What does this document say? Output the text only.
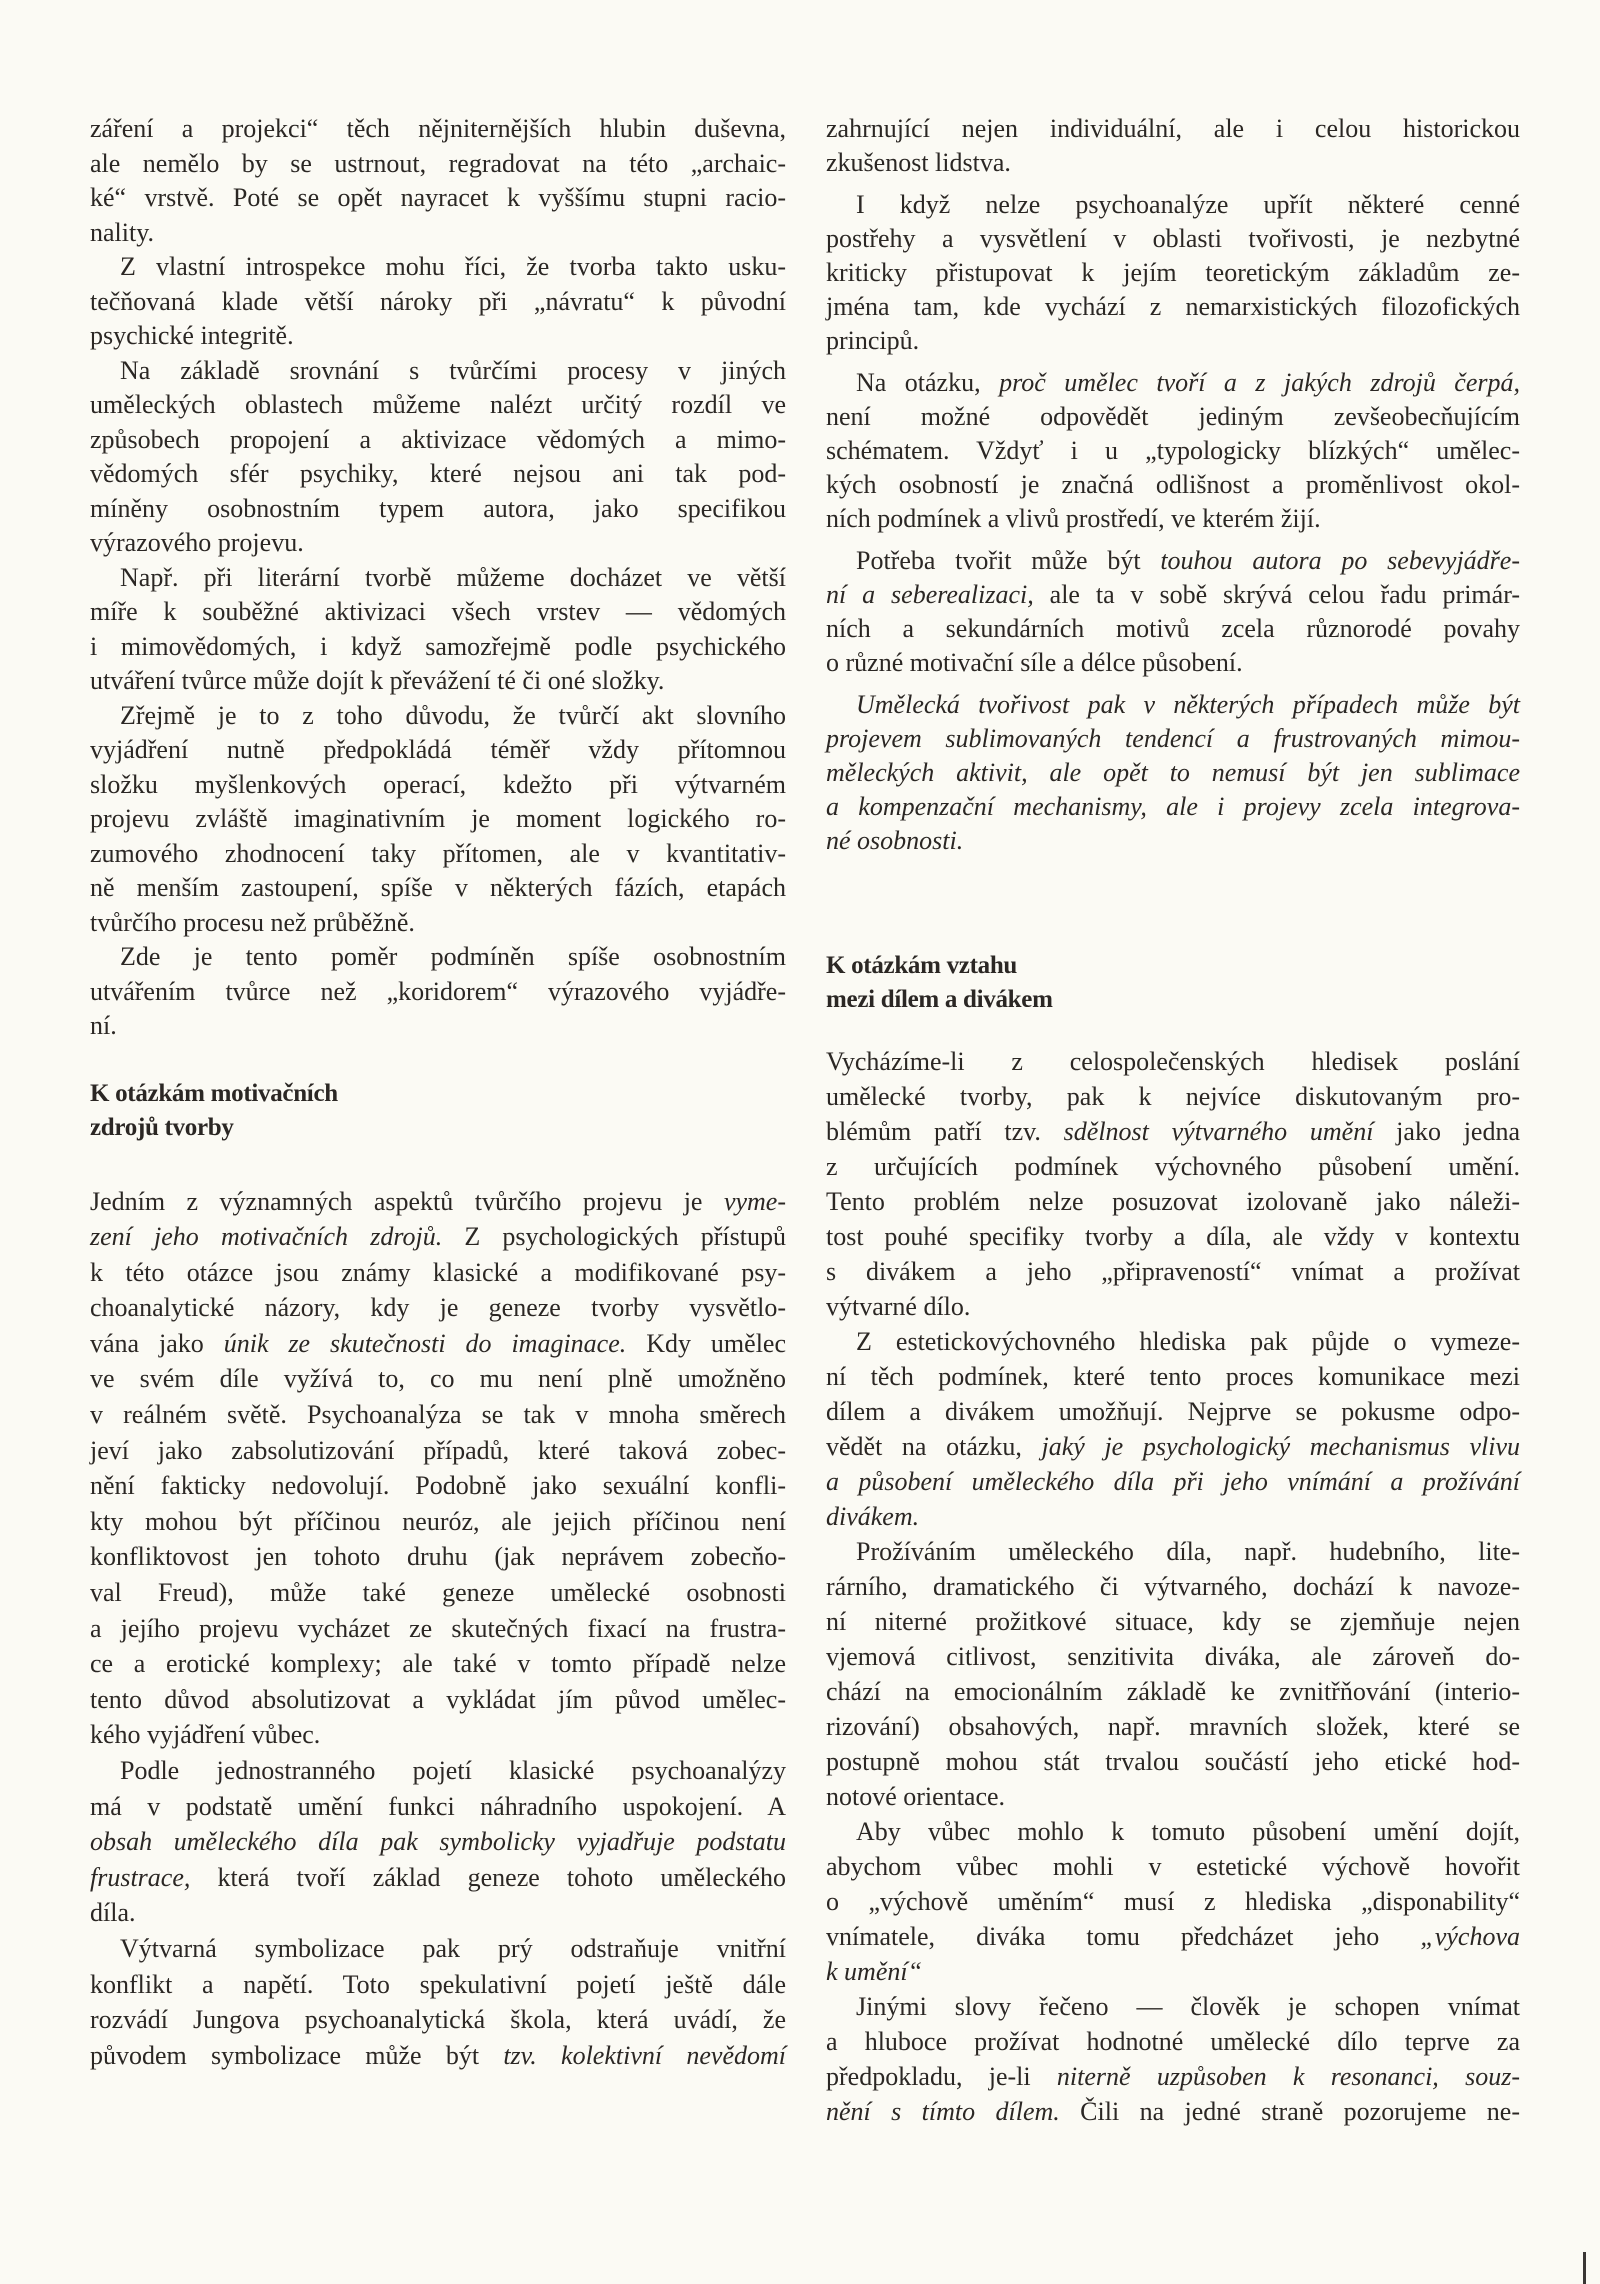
záření a projekci“ těch nějniternějších hlubin duševna,
ale nemělo by se ustrnout, regradovat na této „archaic-
ké“ vrstvě. Poté se opět nayracet k vyššímu stupni racio-
nality.
Z vlastní introspekce mohu říci, že tvorba takto usku-
tečňovaná klade větší nároky při „návratu“ k původní
psychické integritě.
Na základě srovnání s tvůrčími procesy v jiných
uměleckých oblastech můžeme nalézt určitý rozdíl ve
způsobech propojení a aktivizace vědomých a mimo-
vědomých sfér psychiky, které nejsou ani tak pod-
míněny osobnostním typem autora, jako specifikou
výrazového projevu.
Např. při literární tvorbě můžeme docházet ve větší
míře k souběžné aktivizaci všech vrstev — vědomých
i mimovědomých, i když samozřejmě podle psychického
utváření tvůrce může dojít k převážení té či oné složky.
Zřejmě je to z toho důvodu, že tvůrčí akt slovního
vyjádření nutně předpokládá téměř vždy přítomnou
složku myšlenkových operací, kdežto při výtvarném
projevu zvláště imaginativním je moment logického ro-
zumového zhodnocení taky přítomen, ale v kvantitativ-
ně menším zastoupení, spíše v některých fázích, etapách
tvůrčího procesu než průběžně.
Zde je tento poměr podmíněn spíše osobnostním
utvářením tvůrce než „koridorem“ výrazového vyjádře-
ní.
K otázkám motivačních
zdrojů tvorby
Jedním z významných aspektů tvůrčího projevu je vyme-
zení jeho motivačních zdrojů. Z psychologických přístupů
k této otázce jsou známy klasické a modifikované psy-
choanalytické názory, kdy je geneze tvorby vysvětlo-
vána jako únik ze skutečnosti do imaginace. Kdy umělec
ve svém díle vyžívá to, co mu není plně umožněno
v reálném světě. Psychoanalýza se tak v mnoha směrech
jeví jako zabsolutizování případů, které taková zobec-
nění fakticky nedovolují. Podobně jako sexuální konfli-
kty mohou být příčinou neuróz, ale jejich příčinou není
konfliktovost jen tohoto druhu (jak neprávem zobecňo-
val Freud), může také geneze umělecké osobnosti
a jejího projevu vycházet ze skutečných fixací na frustra-
ce a erotické komplexy; ale také v tomto případě nelze
tento důvod absolutizovat a vykládat jím původ umělec-
kého vyjádření vůbec.
Podle jednostranného pojetí klasické psychoanalýzy
má v podstatě umění funkci náhradního uspokojení. A
obsah uměleckého díla pak symbolicky vyjadřuje podstatu
frustrace, která tvoří základ geneze tohoto uměleckého
díla.
Výtvarná symbolizace pak prý odstraňuje vnitřní
konflikt a napětí. Toto spekulativní pojetí ještě dále
rozvádí Jungova psychoanalytická škola, která uvádí, že
původem symbolizace může být tzv. kolektivní nevědomí
zahrnující nejen individuální, ale i celou historickou
zkušenost lidstva.
I když nelze psychoanalýze upřít některé cenné
postřehy a vysvětlení v oblasti tvořivosti, je nezbytné
kriticky přistupovat k jejím teoretickým základům ze-
jména tam, kde vychází z nemarxistických filozofických
principů.
Na otázku, proč umělec tvoří a z jakých zdrojů čerpá,
není možné odpovědět jediným zevšeobecňujícím
schématem. Vždyť i u „typologicky blízkých“ umělec-
kých osobností je značná odlišnost a proměnlivost okol-
ních podmínek a vlivů prostředí, ve kterém žijí.
Potřeba tvořit může být touhou autora po sebevyjádře-
ní a seberealizaci, ale ta v sobě skrývá celou řadu primár-
ních a sekundárních motivů zcela různorodé povahy
o různé motivační síle a délce působení.
Umělecká tvořivost pak v některých případech může být
projevem sublimovaných tendencí a frustrovaných mimou-
měleckých aktivit, ale opět to nemusí být jen sublimace
a kompenzační mechanismy, ale i projevy zcela integrova-
né osobnosti.
K otázkám vztahu
mezi dílem a divákem
Vycházíme-li z celospolečenských hledisek poslání
umělecké tvorby, pak k nejvíce diskutovaným pro-
blémům patří tzv. sdělnost výtvarného umění jako jedna
z určujících podmínek výchovného působení umění.
Tento problém nelze posuzovat izolovaně jako náleži-
tost pouhé specifiky tvorby a díla, ale vždy v kontextu
s divákem a jeho „připraveností“ vnímat a prožívat
výtvarné dílo.
Z estetickovýchovného hlediska pak půjde o vymeze-
ní těch podmínek, které tento proces komunikace mezi
dílem a divákem umožňují. Nejprve se pokusme odpo-
vědět na otázku, jaký je psychologický mechanismus vlivu
a působení uměleckého díla při jeho vnímání a prožívání
divákem.
Prožíváním uměleckého díla, např. hudebního, lite-
rárního, dramatického či výtvarného, dochází k navoze-
ní niterné prožitkové situace, kdy se zjemňuje nejen
vjemová citlivost, senzitivita diváka, ale zároveň do-
chází na emocionálním základě ke zvnitřňování (interio-
rizování) obsahových, např. mravních složek, které se
postupně mohou stát trvalou součástí jeho etické hod-
notové orientace.
Aby vůbec mohlo k tomuto působení umění dojít,
abychom vůbec mohli v estetické výchově hovořit
o „výchově uměním“ musí z hlediska „disponability“
vnímatele, diváka tomu předcházet jeho „výchova
k umění“
Jinými slovy řečeno — člověk je schopen vnímat
a hluboce prožívat hodnotné umělecké dílo teprve za
předpokladu, je-li niterně uzpůsoben k resonanci, souz-
nění s tímto dílem. Čili na jedné straně pozorujeme ne-
